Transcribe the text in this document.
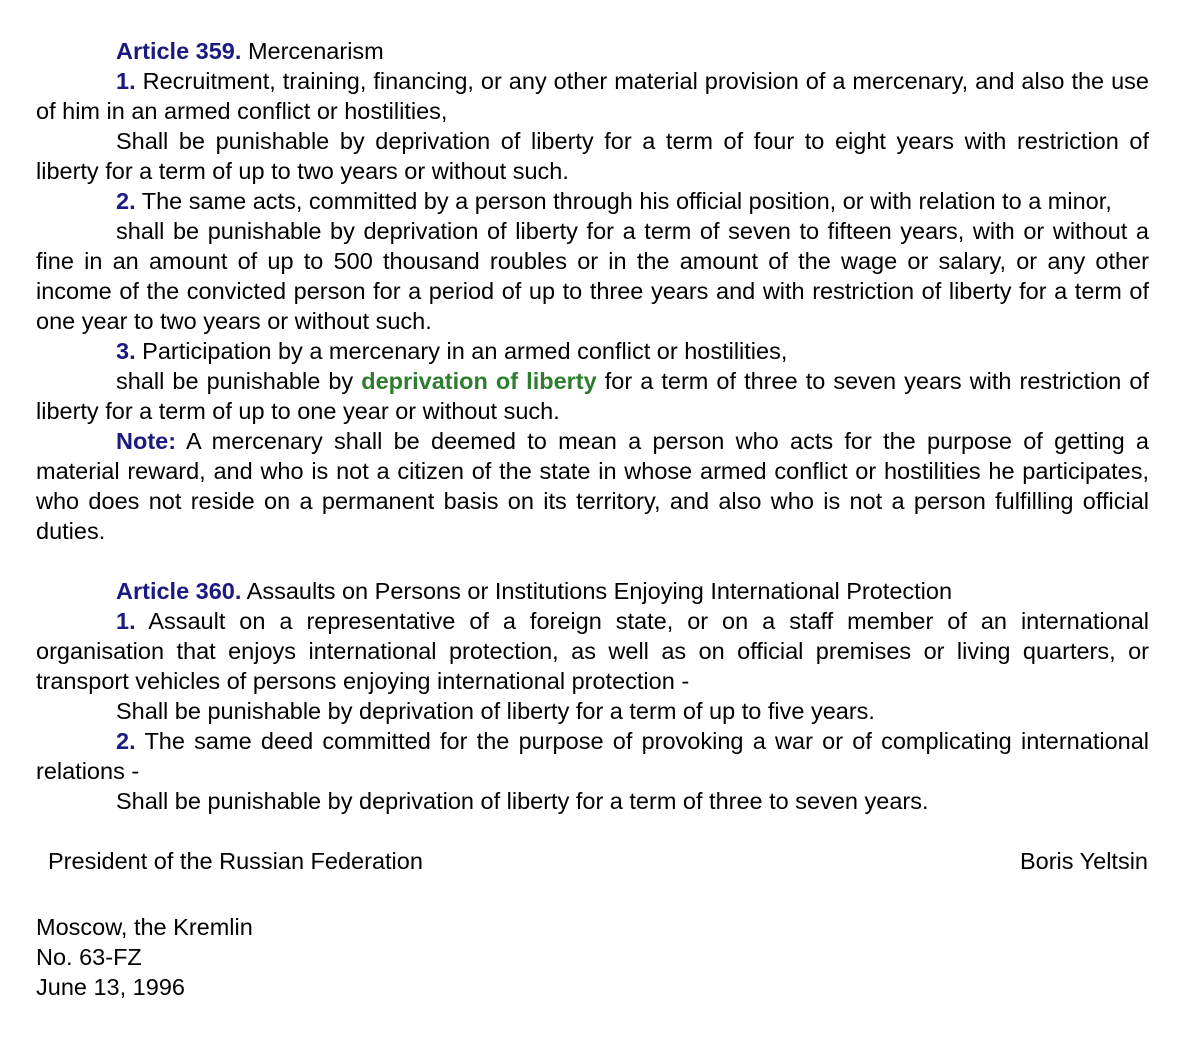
Article 359. Mercenarism

1. Recruitment, training, financing, or any other material provision of a mercenary, and also the use of him in an armed conflict or hostilities,

Shall be punishable by deprivation of liberty for a term of four to eight years with restriction of liberty for a term of up to two years or without such.

2. The same acts, committed by a person through his official position, or with relation to a minor,

shall be punishable by deprivation of liberty for a term of seven to fifteen years, with or without a fine in an amount of up to 500 thousand roubles or in the amount of the wage or salary, or any other income of the convicted person for a period of up to three years and with restriction of liberty for a term of one year to two years or without such.

3. Participation by a mercenary in an armed conflict or hostilities,

shall be punishable by deprivation of liberty for a term of three to seven years with restriction of liberty for a term of up to one year or without such.

Note: A mercenary shall be deemed to mean a person who acts for the purpose of getting a material reward, and who is not a citizen of the state in whose armed conflict or hostilities he participates, who does not reside on a permanent basis on its territory, and also who is not a person fulfilling official duties.

Article 360. Assaults on Persons or Institutions Enjoying International Protection

1. Assault on a representative of a foreign state, or on a staff member of an international organisation that enjoys international protection, as well as on official premises or living quarters, or transport vehicles of persons enjoying international protection -

Shall be punishable by deprivation of liberty for a term of up to five years.

2. The same deed committed for the purpose of provoking a war or of complicating international relations -

Shall be punishable by deprivation of liberty for a term of three to seven years.

President of the Russian Federation	Boris Yeltsin
Moscow, the Kremlin
No. 63-FZ
June 13, 1996
